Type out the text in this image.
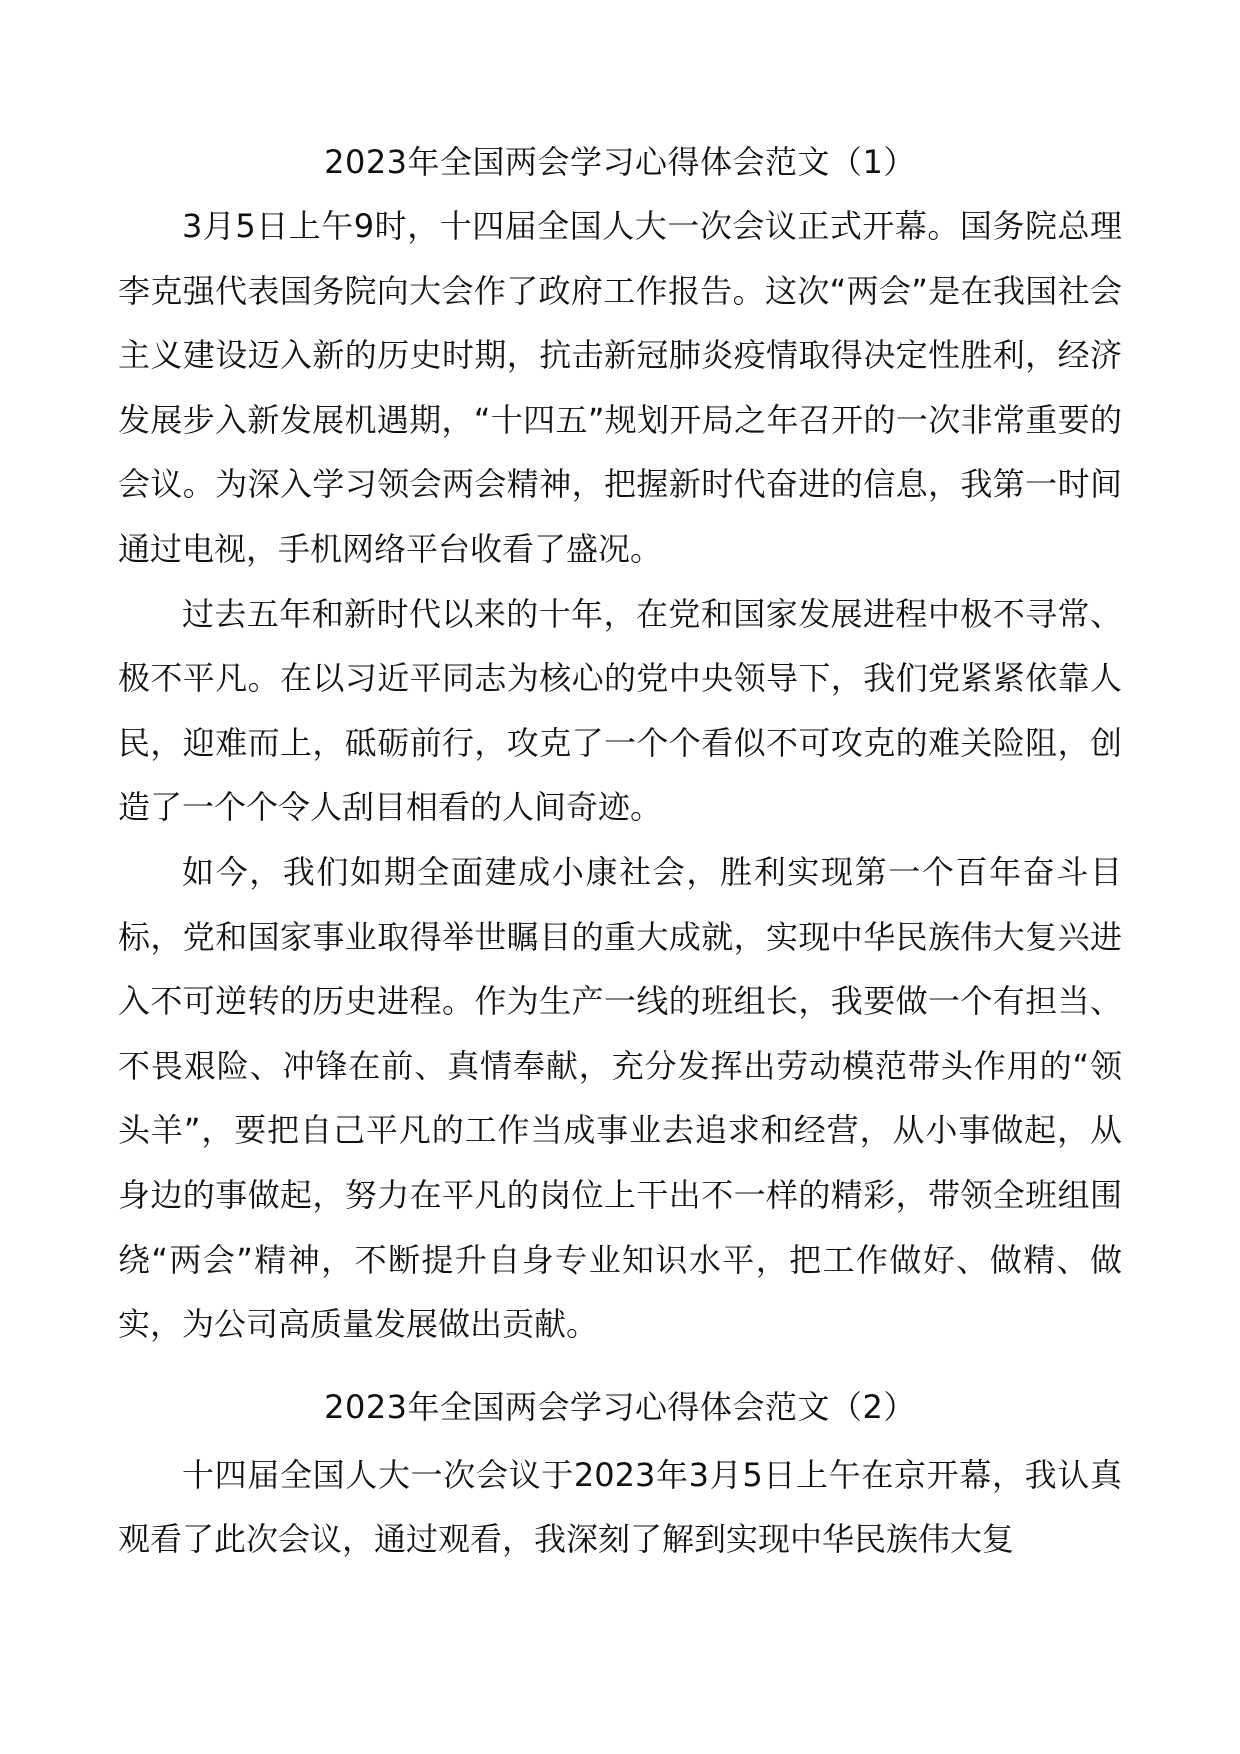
2023年全国两会学习心得体会范文（1）

3月5日上午9时，十四届全国人大一次会议正式开幕。国务院总理李克强代表国务院向大会作了政府工作报告。这次“两会”是在我国社会主义建设迈入新的历史时期，抗击新冠肺炎疫情取得决定性胜利，经济发展步入新发展机遇期，“十四五”规划开局之年召开的一次非常重要的会议。为深入学习领会两会精神，把握新时代奋进的信息，我第一时间通过电视，手机网络平台收看了盛况。

过去五年和新时代以来的十年，在党和国家发展进程中极不寻常、极不平凡。在以习近平同志为核心的党中央领导下，我们党紧紧依靠人民，迎难而上，砥砺前行，攻克了一个个看似不可攻克的难关险阻，创造了一个个令人刮目相看的人间奇迹。

如今，我们如期全面建成小康社会，胜利实现第一个百年奋斗目标，党和国家事业取得举世瞩目的重大成就，实现中华民族伟大复兴进入不可逆转的历史进程。作为生产一线的班组长，我要做一个有担当、不畏艰险、冲锋在前、真情奉献，充分发挥出劳动模范带头作用的“领头羊”，要把自己平凡的工作当成事业去追求和经营，从小事做起，从身边的事做起，努力在平凡的岗位上干出不一样的精彩，带领全班组围绕“两会”精神，不断提升自身专业知识水平，把工作做好、做精、做实，为公司高质量发展做出贡献。

2023年全国两会学习心得体会范文（2）

十四届全国人大一次会议于2023年3月5日上午在京开幕，我认真观看了此次会议，通过观看，我深刻了解到实现中华民族伟大复
